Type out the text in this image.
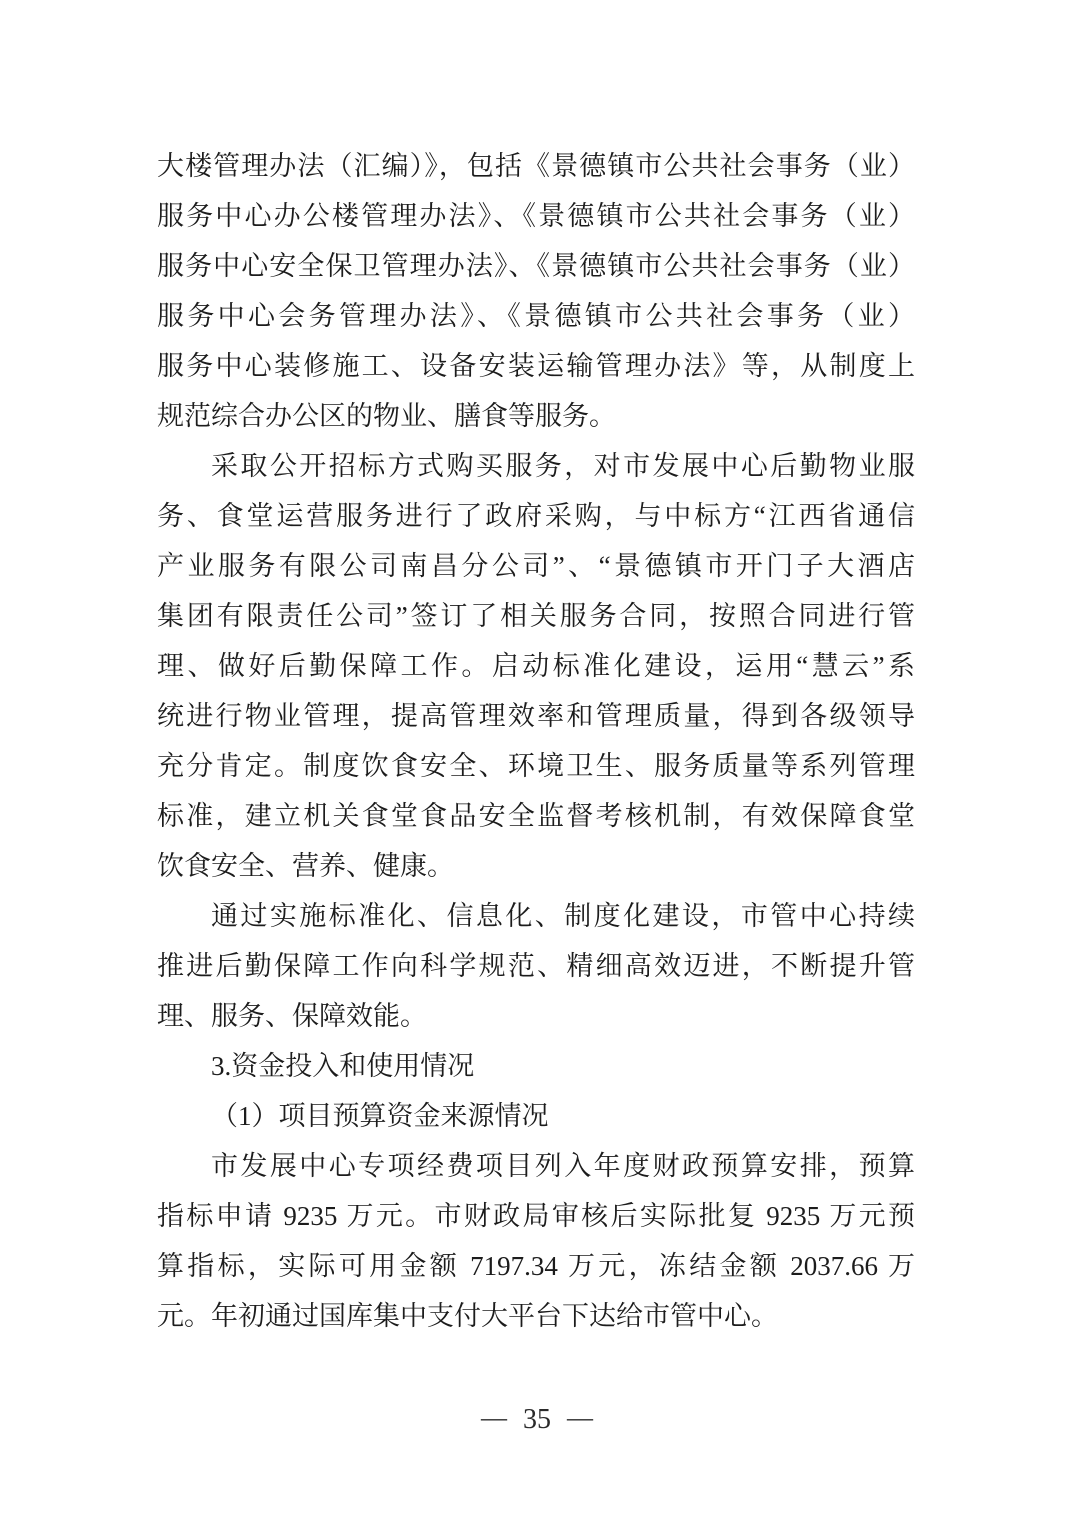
大楼管理办法（汇编）》，包括《景德镇市公共社会事务（业）
服务中心办公楼管理办法》、《景德镇市公共社会事务（业）
服务中心安全保卫管理办法》、《景德镇市公共社会事务（业）
服务中心会务管理办法》、《景德镇市公共社会事务（业）
服务中心装修施工、设备安装运输管理办法》等，从制度上
规范综合办公区的物业、膳食等服务。
采取公开招标方式购买服务，对市发展中心后勤物业服
务、食堂运营服务进行了政府采购，与中标方“江西省通信
产业服务有限公司南昌分公司”、“景德镇市开门子大酒店
集团有限责任公司”签订了相关服务合同，按照合同进行管
理、做好后勤保障工作。启动标准化建设，运用“慧云”系
统进行物业管理，提高管理效率和管理质量，得到各级领导
充分肯定。制度饮食安全、环境卫生、服务质量等系列管理
标准，建立机关食堂食品安全监督考核机制，有效保障食堂
饮食安全、营养、健康。
通过实施标准化、信息化、制度化建设，市管中心持续
推进后勤保障工作向科学规范、精细高效迈进，不断提升管
理、服务、保障效能。
3.资金投入和使用情况
（1）项目预算资金来源情况
市发展中心专项经费项目列入年度财政预算安排，预算
指标申请 9235 万元。市财政局审核后实际批复 9235 万元预
算指标，实际可用金额 7197.34 万元，冻结金额 2037.66 万
元。年初通过国库集中支付大平台下达给市管中心。
— 35 —
